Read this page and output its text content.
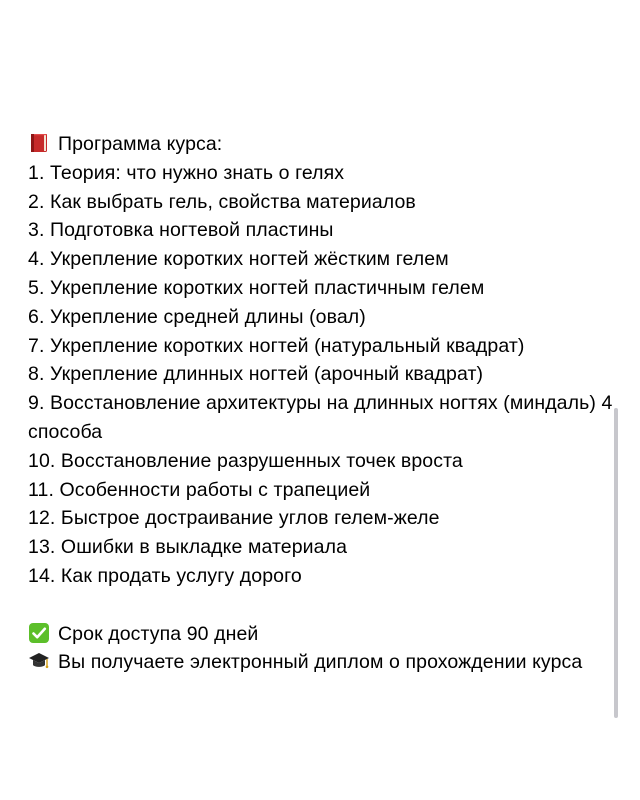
Программа курса:
1. Теория: что нужно знать о гелях
2. Как выбрать гель, свойства материалов
3. Подготовка ногтевой пластины
4. Укрепление коротких ногтей жёстким гелем
5. Укрепление коротких ногтей пластичным гелем
6. Укрепление средней длины (овал)
7. Укрепление коротких ногтей (натуральный квадрат)
8. Укрепление длинных ногтей (арочный квадрат)
9. Восстановление архитектуры на длинных ногтях (миндаль) 4 способа
10. Восстановление разрушенных точек вроста
11. Особенности работы с трапецией
12. Быстрое достраивание углов гелем-желе
13. Ошибки в выкладке материала
14. Как продать услугу дорого
Срок доступа 90 дней
Вы получаете электронный диплом о прохождении курса
